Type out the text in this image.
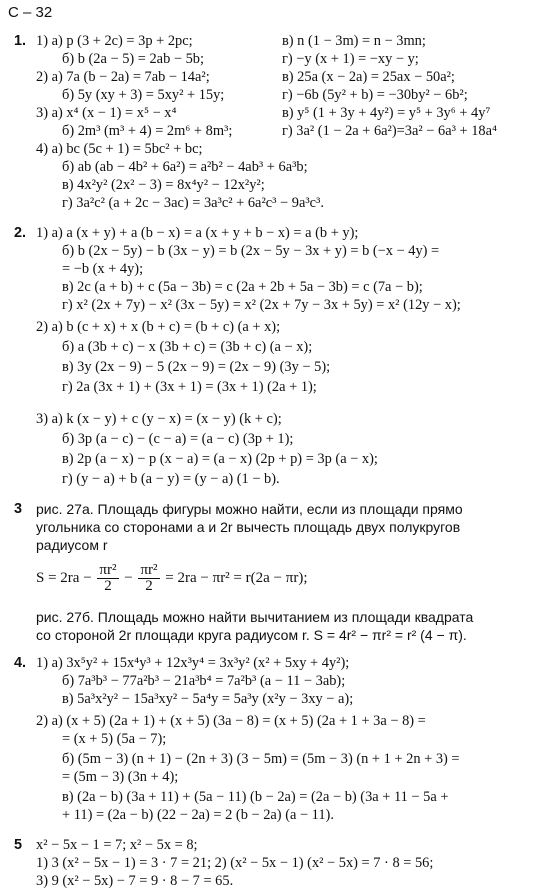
$S = 2ra - \frac{\text{πr²}}{2} - \frac{\text{πr²}}{2} = 2ra - \pi r^2 = r(2a - \pi r)$;
С – 32
1. 1) а) p (3 + 2c) = 3p + 2pc;	в) n (1 − 3m) = n − 3mn;
б) b (2a − 5) = 2ab − 5b;	г) −y (x + 1) = −xy − y;
2) а) 7a (b − 2a) = 7ab − 14a²;	в) 25a (x − 2a) = 25ax − 50a²;
б) 5y (xy + 3) = 5xy² + 15y;	г) −6b (5y² + b) = −30by² − 6b²;
3) а) x⁴ (x − 1) = x⁵ − x⁴	в) y⁵ (1 + 3y + 4y²) = y⁵ + 3y⁶ + 4y⁷
б) 2m³ (m³ + 4) = 2m⁶ + 8m³;	г) 3a² (1 − 2a + 6a²)=3a² − 6a³ + 18a⁴
4) а) bc (5c + 1) = 5bc² + bc;
б) ab (ab − 4b² + 6a²) = a²b² − 4ab³ + 6a³b;
в) 4x²y² (2x² − 3) = 8x⁴y² − 12x²y²;
г) 3a²c² (a + 2c − 3ac) = 3a³c² + 6a²c³ − 9a³c³.
2. 1) а) a (x + y) + a (b − x) = a (x + y + b − x) = a (b + y);
б) b (2x − 5y) − b (3x − y) = b (2x − 5y − 3x + y) = b (−x − 4y) =
= −b (x + 4y);
в) 2c (a + b) + c (5a − 3b) = c (2a + 2b + 5a − 3b) = c (7a − b);
г) x² (2x + 7y) − x² (3x − 5y) = x² (2x + 7y − 3x + 5y) = x² (12y − x);
2) а) b (c + x) + x (b + c) = (b + c) (a + x);
б) a (3b + c) − x (3b + c) = (3b + c) (a − x);
в) 3y (2x − 9) − 5 (2x − 9) = (2x − 9) (3y − 5);
г) 2a (3x + 1) + (3x + 1) = (3x + 1) (2a + 1);
3) а) k (x − y) + c (y − x) = (x − y) (k + c);
б) 3p (a − c) − (c − a) = (a − c) (3p + 1);
в) 2p (a − x) − p (x − a) = (a − x) (2p + p) = 3p (a − x);
г) (y − a) + b (a − y) = (y − a) (1 − b).
3 рис. 27а. Площадь фигуры можно найти, если из площади прямо
угольника со сторонами a и 2r вычесть площадь двух полукругов
радиусом r
рис. 27б. Площадь можно найти вычитанием из площади квадрата
со стороной 2r площади круга радиусом r. S = 4r² − πr² = r² (4 − π).
4. 1) а) 3x⁵y² + 15x⁴y³ + 12x³y⁴ = 3x³y² (x² + 5xy + 4y²);
б) 7a³b³ − 77a²b³ − 21a³b⁴ = 7a²b³ (a − 11 − 3ab);
в) 5a³x²y² − 15a³xy² − 5a⁴y = 5a³y (x²y − 3xy − a);
2) а) (x + 5) (2a + 1) + (x + 5) (3a − 8) = (x + 5) (2a + 1 + 3a − 8) =
= (x + 5) (5a − 7);
б) (5m − 3) (n + 1) − (2n + 3) (3 − 5m) = (5m − 3) (n + 1 + 2n + 3) =
= (5m − 3) (3n + 4);
в) (2a − b) (3a + 11) + (5a − 11) (b − 2a) = (2a − b) (3a + 11 − 5a +
+ 11) = (2a − b) (22 − 2a) = 2 (b − 2a) (a − 11).
5 x² − 5x − 1 = 7; x² − 5x = 8;
1) 3 (x² − 5x − 1) = 3 · 7 = 21; 2) (x² − 5x − 1) (x² − 5x) = 7 · 8 = 56;
3) 9 (x² − 5x) − 7 = 9 · 8 − 7 = 65.
